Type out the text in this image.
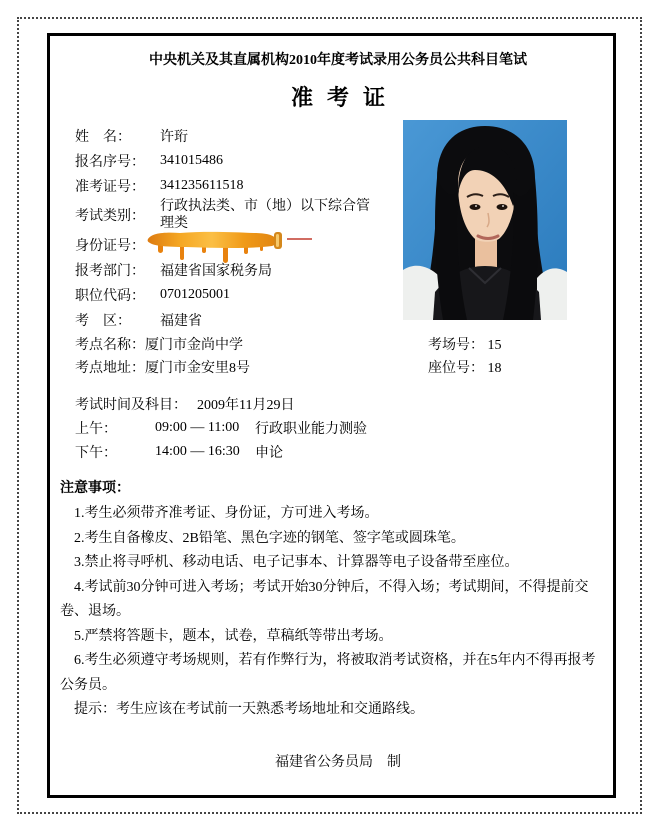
中央机关及其直属机构2010年度考试录用公务员公共科目笔试
准考证
姓　名：	许珩
报名序号：	341015486
准考证号：	341235611518
考试类别：
行政执法类、市（地）以下综合管理类
身份证号：
报考部门：	福建省国家税务局
职位代码：	0701205001
考　区：	福建省
考点名称： 厦门市金尚中学	考场号： 15
考点地址： 厦门市金安里8号	座位号： 18
考试时间及科目： 2009年11月29日
上午：	09:00 — 11:00	行政职业能力测验
下午：	14:00 — 16:30	申论
注意事项：
1.考生必须带齐准考证、身份证，方可进入考场。
2.考生自备橡皮、2B铅笔、黑色字迹的钢笔、签字笔或圆珠笔。
3.禁止将寻呼机、移动电话、电子记事本、计算器等电子设备带至座位。
4.考试前30分钟可进入考场；考试开始30分钟后，不得入场；考试期间，不得提前交卷、退场。
5.严禁将答题卡，题本，试卷，草稿纸等带出考场。
6.考生必须遵守考场规则，若有作弊行为，将被取消考试资格，并在5年内不得再报考公务员。
提示：考生应该在考试前一天熟悉考场地址和交通路线。
福建省公务员局　制
